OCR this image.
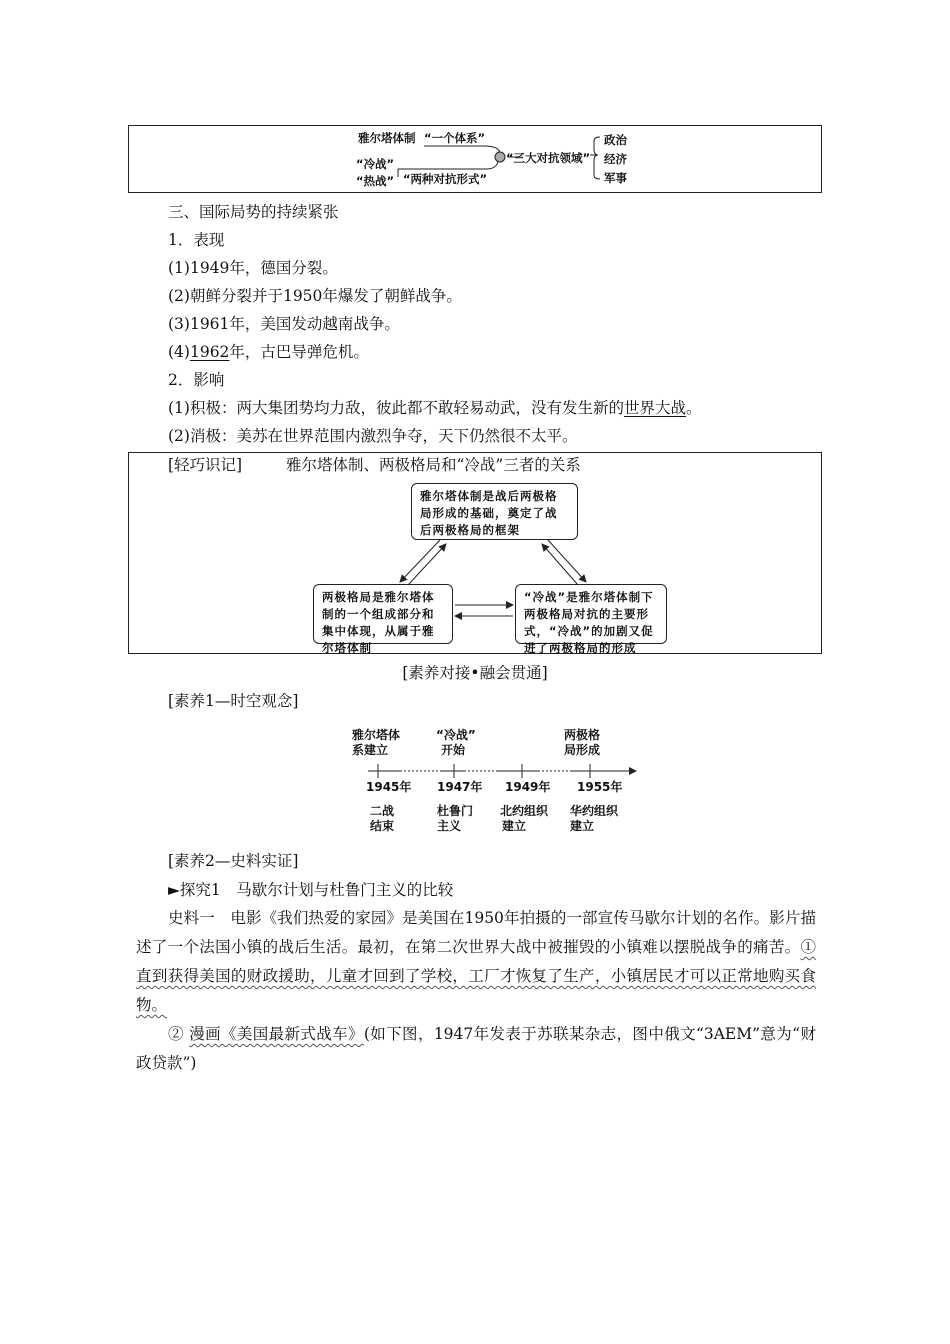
雅尔塔体制 “一个体系”
“冷战”
“热战” “两种对抗形式”
“三大对抗领域”
政治
经济
军事
三、国际局势的持续紧张
1．表现
(1)1949年，德国分裂。
(2)朝鲜分裂并于1950年爆发了朝鲜战争。
(3)1961年，美国发动越南战争。
(4)1962年，古巴导弹危机。
2．影响
(1)积极：两大集团势均力敌，彼此都不敢轻易动武，没有发生新的世界大战。
(2)消极：美苏在世界范围内激烈争夺，天下仍然很不太平。
[轻巧识记]	雅尔塔体制、两极格局和“冷战”三者的关系
雅尔塔体制是战后两极格局形成的基础，奠定了战后两极格局的框架
两极格局是雅尔塔体制的一个组成部分和集中体现，从属于雅尔塔体制
“冷战”是雅尔塔体制下两极格局对抗的主要形式，“冷战”的加剧又促进了两极格局的形成
[素养对接•融会贯通]
[素养1—时空观念]
雅尔塔体
系建立
“冷战”
开始
两极格
局形成
1945年 1947年 1949年 1955年
二战
结束
杜鲁门
主义
北约组织
建立
华约组织
建立
[素养2—史料实证]
►探究1　马歇尔计划与杜鲁门主义的比较
史料一　电影《我们热爱的家园》是美国在1950年拍摄的一部宣传马歇尔计划的名作。影片描述了一个法国小镇的战后生活。最初，在第二次世界大战中被摧毁的小镇难以摆脱战争的痛苦。①直到获得美国的财政援助，儿童才回到了学校，工厂才恢复了生产，小镇居民才可以正常地购买食物。
② 漫画《美国最新式战车》(如下图，1947年发表于苏联某杂志，图中俄文“3AEM”意为“财政贷款”)
